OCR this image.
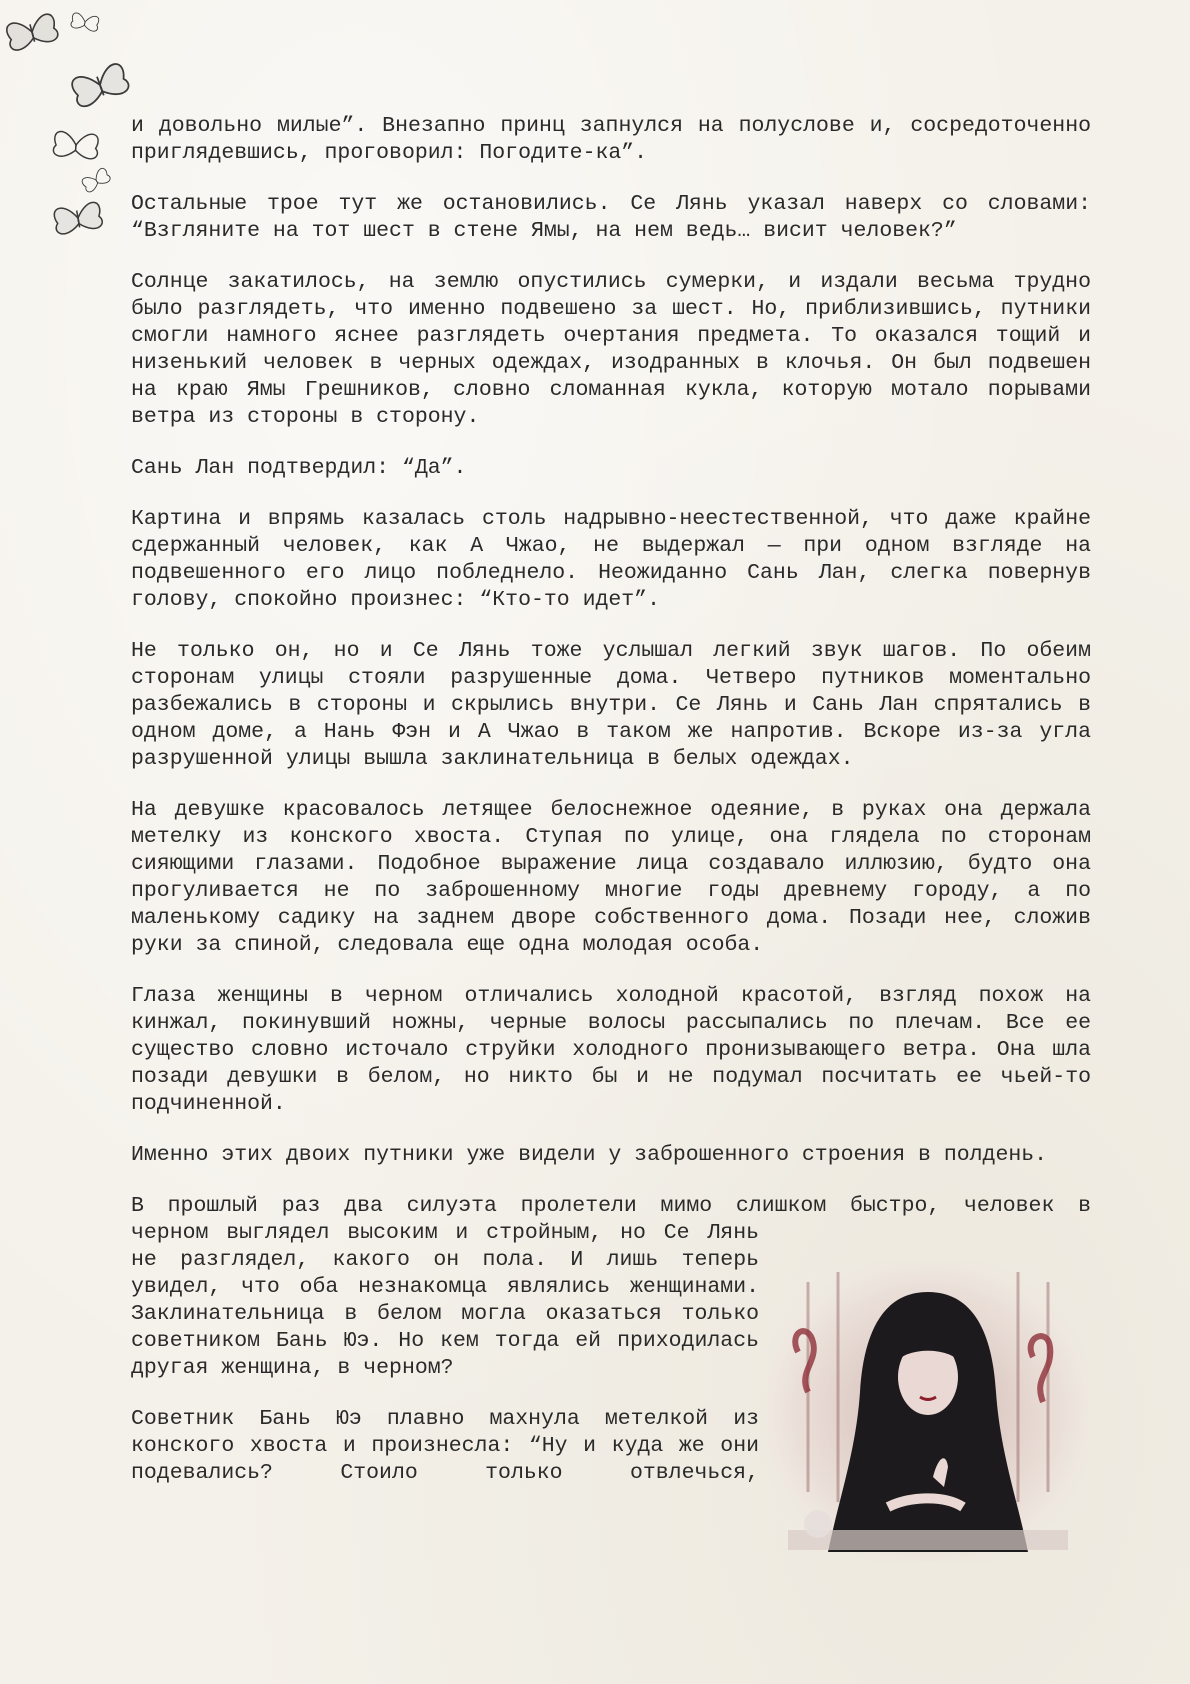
и довольно милые”. Внезапно принц запнулся на полуслове и, сосредоточенно приглядевшись, проговорил: Погодите-ка”.

Остальные трое тут же остановились. Се Лянь указал наверх со словами: “Взгляните на тот шест в стене Ямы, на нем ведь… висит человек?”

Солнце закатилось, на землю опустились сумерки, и издали весьма трудно было разглядеть, что именно подвешено за шест. Но, приблизившись, путники смогли намного яснее разглядеть очертания предмета. То оказался тощий и низенький человек в черных одеждах, изодранных в клочья. Он был подвешен на краю Ямы Грешников, словно сломанная кукла, которую мотало порывами ветра из стороны в сторону.

Сань Лан подтвердил: “Да”.

Картина и впрямь казалась столь надрывно-неестественной, что даже крайне сдержанный человек, как А Чжао, не выдержал — при одном взгляде на подвешенного его лицо побледнело. Неожиданно Сань Лан, слегка повернув голову, спокойно произнес: “Кто-то идет”.

Не только он, но и Се Лянь тоже услышал легкий звук шагов. По обеим сторонам улицы стояли разрушенные дома. Четверо путников моментально разбежались в стороны и скрылись внутри. Се Лянь и Сань Лан спрятались в одном доме, а Нань Фэн и А Чжао в таком же напротив. Вскоре из-за угла разрушенной улицы вышла заклинательница в белых одеждах.

На девушке красовалось летящее белоснежное одеяние, в руках она держала метелку из конского хвоста. Ступая по улице, она глядела по сторонам сияющими глазами. Подобное выражение лица создавало иллюзию, будто она прогуливается не по заброшенному многие годы древнему городу, а по маленькому садику на заднем дворе собственного дома. Позади нее, сложив руки за спиной, следовала еще одна молодая особа.

Глаза женщины в черном отличались холодной красотой, взгляд похож на кинжал, покинувший ножны, черные волосы рассыпались по плечам. Все ее существо словно источало струйки холодного пронизывающего ветра. Она шла позади девушки в белом, но никто бы и не подумал посчитать ее чьей-то подчиненной.

Именно этих двоих путники уже видели у заброшенного строения в полдень.

В прошлый раз два силуэта пролетели мимо слишком быстро, человек в
черном выглядел высоким и стройным, но Се Лянь не разглядел, какого он пола. И лишь теперь увидел, что оба незнакомца являлись женщинами. Заклинательница в белом могла оказаться только советником Бань Юэ. Но кем тогда ей приходилась другая женщина, в черном?

Советник Бань Юэ плавно махнула метелкой из конского хвоста и произнесла: “Ну и куда же они подевались? Стоило только отвлечься,
